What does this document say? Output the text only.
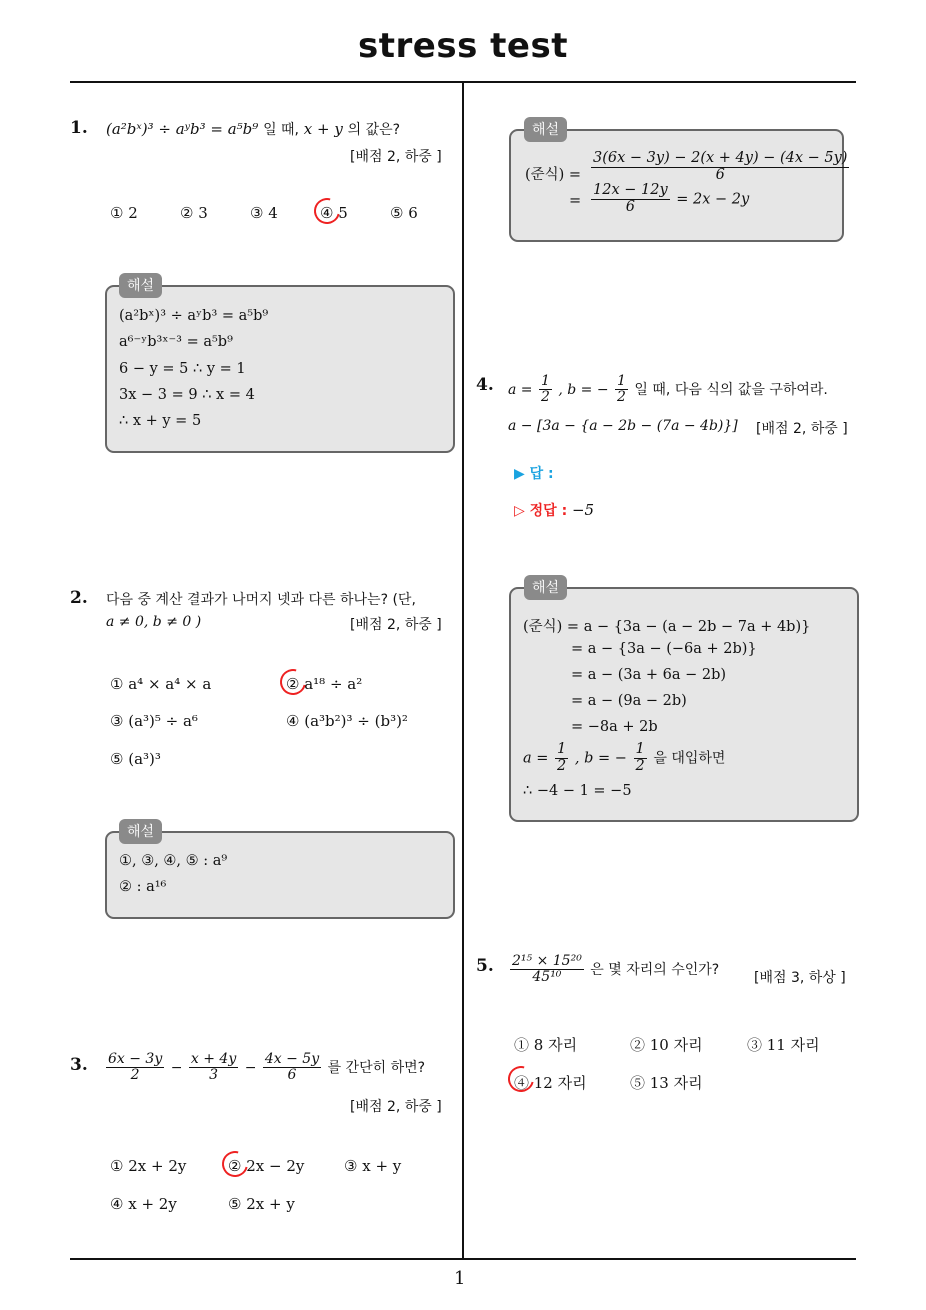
stress test
1
1. (a²bˣ)³ ÷ aʸb³ = a⁵b⁹ 일 때, x + y 의 값은?
[배점 2, 하중 ]
① 2	② 3	③ 4	④ 5	⑤ 6
(a²bˣ)³ ÷ aʸb³ = a⁵b⁹
a⁶⁻ʸb³ˣ⁻³ = a⁵b⁹
6 − y = 5 ∴ y = 1
3x − 3 = 9 ∴ x = 4
∴ x + y = 5
해설
2. 다음 중 계산 결과가 나머지 넷과 다른 하나는? (단,
a ≠ 0, b ≠ 0 )	[배점 2, 하중 ]
① a⁴ × a⁴ × a	② a¹⁸ ÷ a²
③ (a³)⁵ ÷ a⁶	④ (a³b²)³ ÷ (b³)²
⑤ (a³)³
①, ③, ④, ⑤ : a⁹
② : a¹⁶
해설
3. $\frac{6x - 3y}{2} - \frac{x + 4y}{3} - \frac{4x - 5y}{6}$ 를 간단히 하면?
[배점 2, 하중 ]
① 2x + 2y	② 2x − 2y	③ x + y
④ x + 2y	⑤ 2x + y
(준식) = $\frac{3(6x - 3y) - 2(x + 4y) - (4x - 5y)}{6}$
= $\frac{12x - 12y}{6} = 2x - 2y$
해설
4. $a = \frac{1}{2}$ , b = − $\frac{1}{2}$ 일 때, 다음 식의 값을 구하여라.
a − [3a − {a − 2b − (7a − 4b)}] [배점 2, 하중 ]
▶ 답 :
▷ 정답 : −5
(준식) = a − {3a − (a − 2b − 7a + 4b)}
= a − {3a − (−6a + 2b)}
= a − (3a + 6a − 2b)
= a − (9a − 2b)
= −8a + 2b
$a = \frac{1}{2}$ , b = − $\frac{1}{2}$ 을 대입하면
∴ −4 − 1 = −5
해설
5. $\frac{\text{2¹⁵ × 15²⁰}}{\text{45¹⁰}}$ 은 몇 자리의 수인가?
[배점 3, 하상 ]
① 8 자리	② 10 자리	③ 11 자리
④ 12 자리	⑤ 13 자리
